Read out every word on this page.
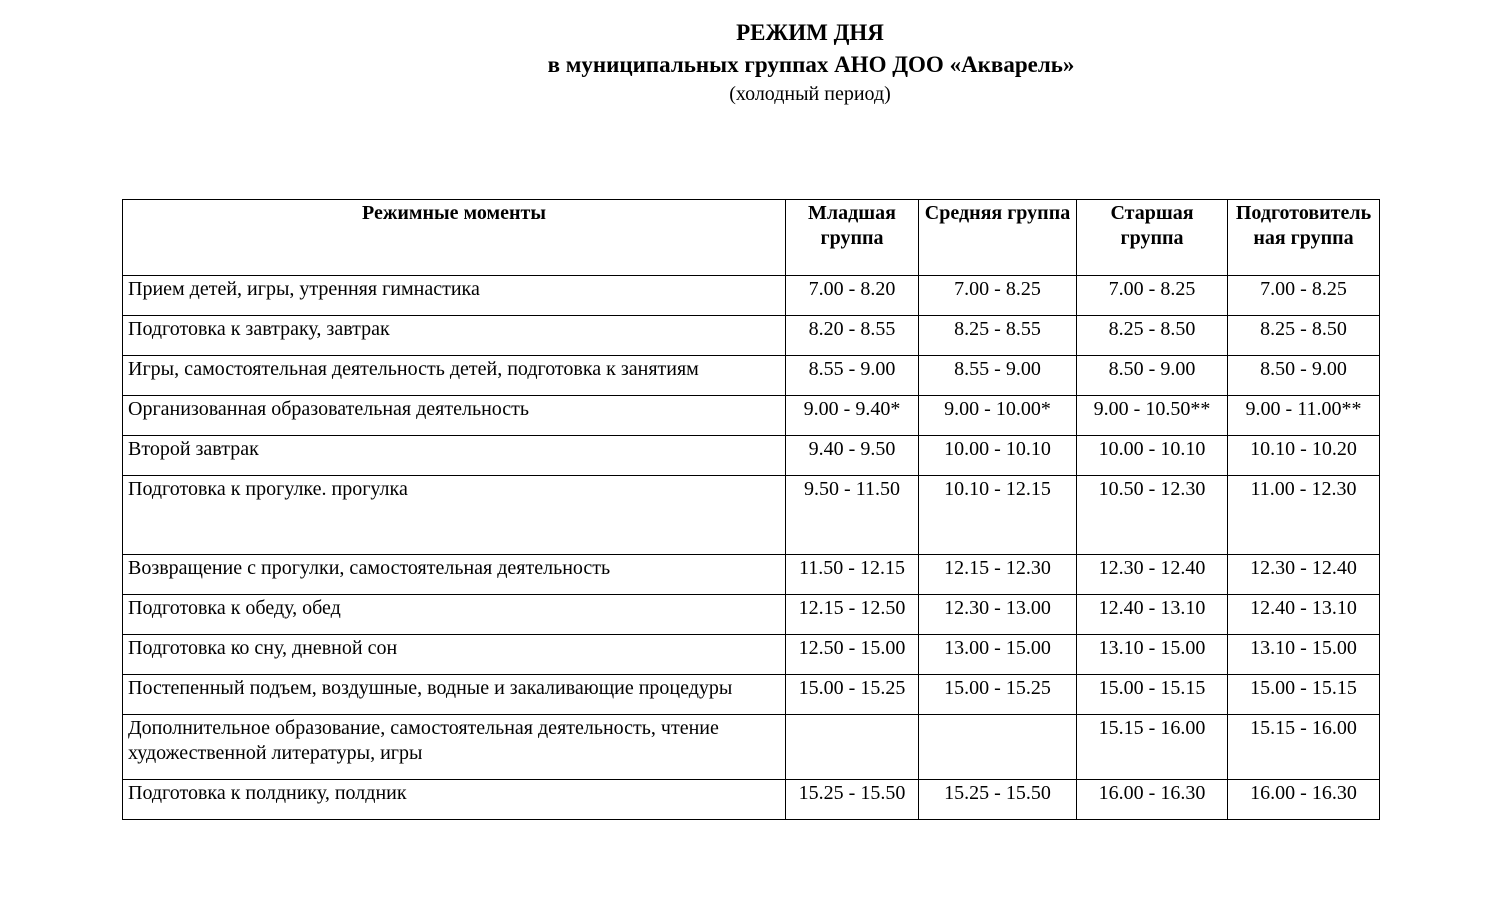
РЕЖИМ ДНЯ
в муниципальных группах АНО ДОО «Акварель»
(холодный период)
Режимные моменты	Младшая группа	Средняя группа	Старшая группа	Подготовитель ная группа
Прием детей, игры, утренняя гимнастика	7.00 - 8.20	7.00 - 8.25	7.00 - 8.25	7.00 - 8.25
Подготовка к завтраку, завтрак	8.20 - 8.55	8.25 - 8.55	8.25 - 8.50	8.25 - 8.50
Игры, самостоятельная деятельность детей, подготовка к занятиям	8.55 - 9.00	8.55 - 9.00	8.50 - 9.00	8.50 - 9.00
Организованная образовательная деятельность	9.00 - 9.40*	9.00 - 10.00*	9.00 - 10.50**	9.00 - 11.00**
Второй завтрак	9.40 - 9.50	10.00 - 10.10	10.00 - 10.10	10.10 - 10.20
Подготовка к прогулке. прогулка	9.50 - 11.50	10.10 - 12.15	10.50 - 12.30	11.00 - 12.30
Возвращение с прогулки, самостоятельная деятельность	11.50 - 12.15	12.15 - 12.30	12.30 - 12.40	12.30 - 12.40
Подготовка к обеду, обед	12.15 - 12.50	12.30 - 13.00	12.40 - 13.10	12.40 - 13.10
Подготовка ко сну, дневной сон	12.50 - 15.00	13.00 - 15.00	13.10 - 15.00	13.10 - 15.00
Постепенный подъем, воздушные, водные и закаливающие процедуры	15.00 - 15.25	15.00 - 15.25	15.00 - 15.15	15.00 - 15.15
Дополнительное образование, самостоятельная деятельность, чтение художественной литературы, игры			15.15 - 16.00	15.15 - 16.00
Подготовка к полднику, полдник	15.25 - 15.50	15.25 - 15.50	16.00 - 16.30	16.00 - 16.30
